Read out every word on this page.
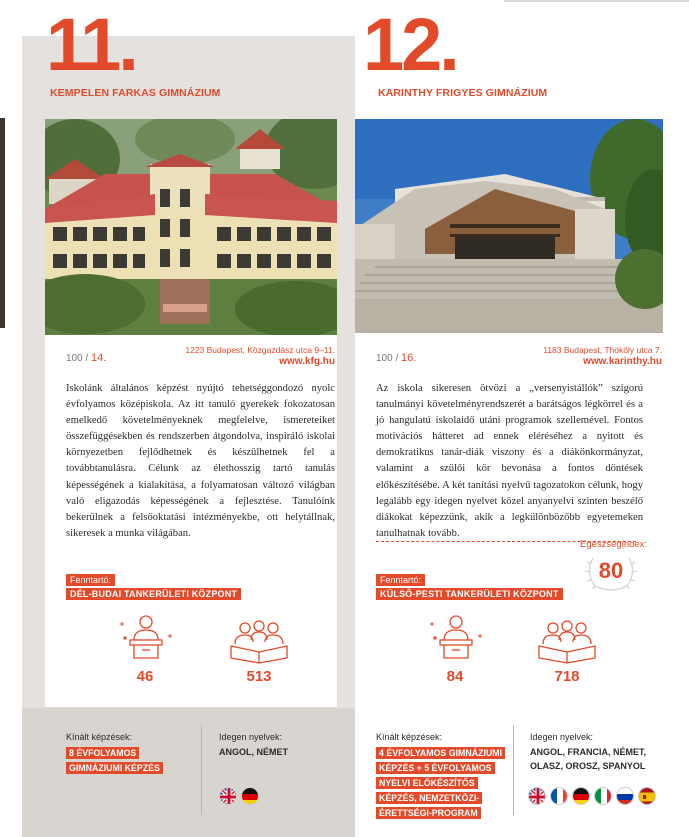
11.
KEMPELEN FARKAS GIMNÁZIUM
100 / 14.
1223 Budapest, Közgazdász utca 9–11.
www.kfg.hu
Iskolánk általános képzést nyújtó tehetséggondozó nyolc évfolyamos középiskola. Az itt tanuló gyerekek fokozatosan emelkedő követelményeknek megfelelve, ismereteiket összefüggésekben és rendszerben átgondolva, inspiráló iskolai környezetben fejlődhetnek és készülhetnek fel a továbbtanulásra. Célunk az élethosszig tartó tanulás képességének a kialakítása, a folyamatosan változó világban való eligazodás képességének a fejlesztése. Tanulóink bekerülnek a felsőoktatási intézményekbe, ott helytállnak, sikeresek a munka világában.
Fenntartó:
DÉL-BUDAI TANKERÜLETI KÖZPONT
46	513
Kínált képzések:
8 ÉVFOLYAMOS
GIMNÁZIUMI KÉPZÉS
Idegen nyelvek:
ANGOL, NÉMET
12.
KARINTHY FRIGYES GIMNÁZIUM
100 / 16.
1183 Budapest, Thököly utca 7.
www.karinthy.hu
Az iskola sikeresen ötvözi a „versenyistállók” szigorú tanulmányi követelményrendszerét a barátságos légkörrel és a jó hangulatú iskolaidő utáni programok szellemével. Fontos motivációs hátteret ad ennek eléréséhez a nyitott és demokratikus tanár-diák viszony és a diákönkormányzat, valamint a szülői kör bevonása a fontos döntések előkészítésébe. A két tanítási nyelvű tagozatokon célunk, hogy legalább egy idegen nyelvet közel anyanyelvi szinten beszélő diákokat képezzünk, akik a legkülönbözőbb egyetemeken tanulhatnak tovább.
Egészségindex:
80
Fenntartó:
KÜLSŐ-PESTI TANKERÜLETI KÖZPONT
84	718
Kínált képzések:
4 ÉVFOLYAMOS GIMNÁZIUMI
KÉPZÉS + 5 ÉVFOLYAMOS
NYELVI ELŐKÉSZÍTŐS
KÉPZÉS, NEMZETKÖZI-
ÉRETTSÉGI-PROGRAM
Idegen nyelvek:
ANGOL, FRANCIA, NÉMET,
OLASZ, OROSZ, SPANYOL
